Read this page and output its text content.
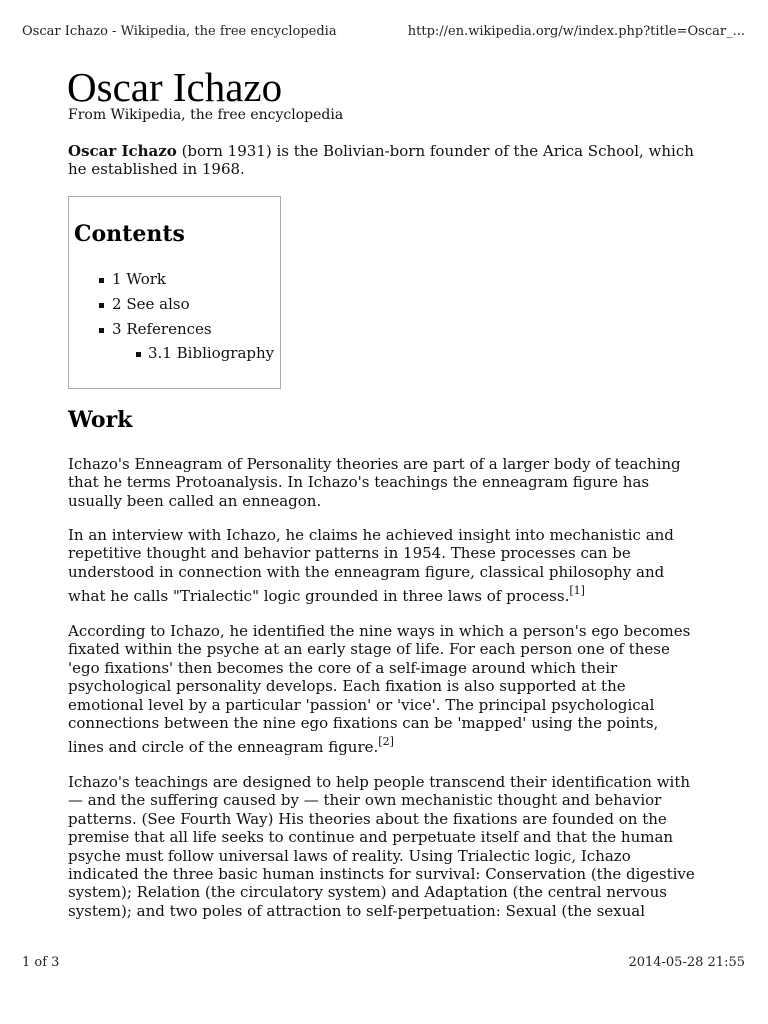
Oscar Ichazo - Wikipedia, the free encyclopedia	http://en.wikipedia.org/w/index.php?title=Oscar_...
Oscar Ichazo
From Wikipedia, the free encyclopedia
Oscar Ichazo (born 1931) is the Bolivian-born founder of the Arica School, which
he established in 1968.
Contents
1 Work
2 See also
3 References
3.1 Bibliography
Work
Ichazo's Enneagram of Personality theories are part of a larger body of teaching
that he terms Protoanalysis. In Ichazo's teachings the enneagram figure has
usually been called an enneagon.
In an interview with Ichazo, he claims he achieved insight into mechanistic and
repetitive thought and behavior patterns in 1954. These processes can be
understood in connection with the enneagram figure, classical philosophy and
what he calls "Trialectic" logic grounded in three laws of process.[1]
According to Ichazo, he identified the nine ways in which a person's ego becomes
fixated within the psyche at an early stage of life. For each person one of these
'ego fixations' then becomes the core of a self-image around which their
psychological personality develops. Each fixation is also supported at the
emotional level by a particular 'passion' or 'vice'. The principal psychological
connections between the nine ego fixations can be 'mapped' using the points,
lines and circle of the enneagram figure.[2]
Ichazo's teachings are designed to help people transcend their identification with
— and the suffering caused by — their own mechanistic thought and behavior
patterns. (See Fourth Way) His theories about the fixations are founded on the
premise that all life seeks to continue and perpetuate itself and that the human
psyche must follow universal laws of reality. Using Trialectic logic, Ichazo
indicated the three basic human instincts for survival: Conservation (the digestive
system); Relation (the circulatory system) and Adaptation (the central nervous
system); and two poles of attraction to self-perpetuation: Sexual (the sexual
1 of 3	2014-05-28 21:55
